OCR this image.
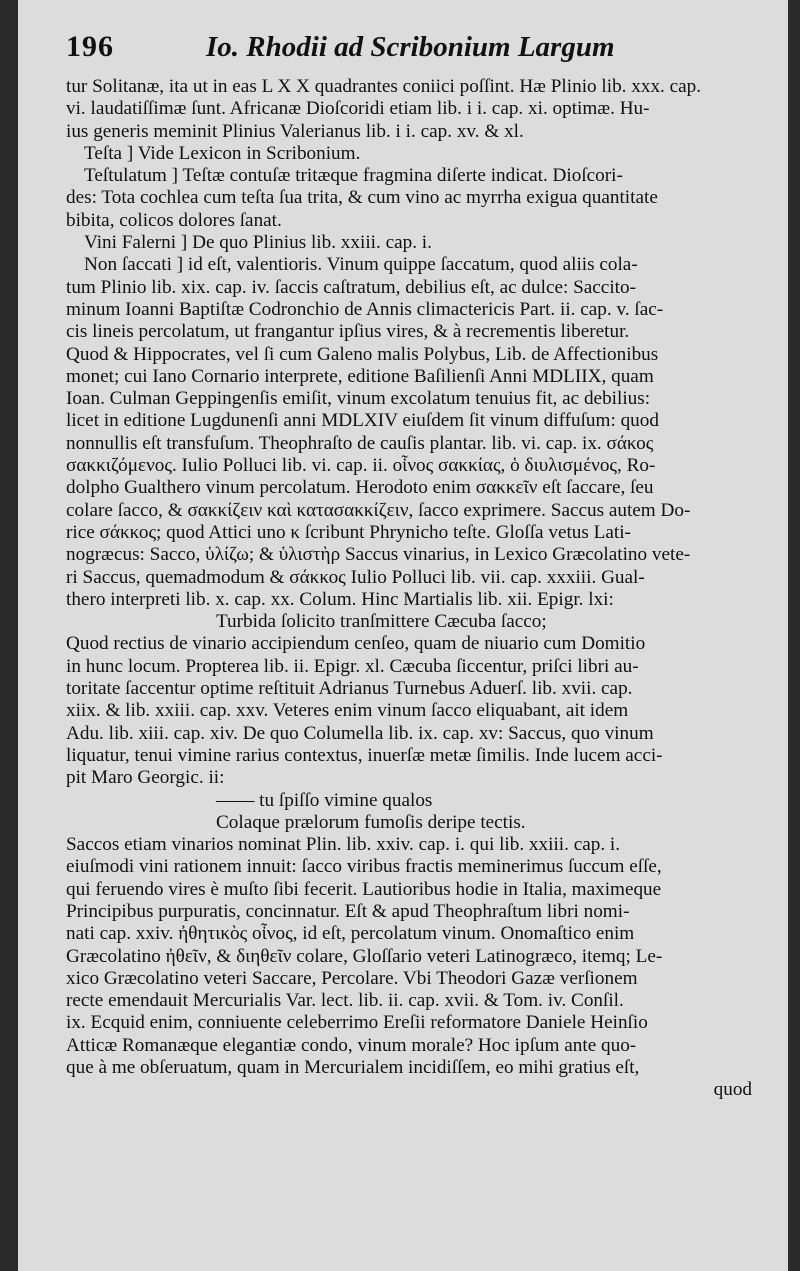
196	Io. Rhodii ad Scribonium Largum
tur Solitanæ, ita ut in eas L X X quadrantes coniici poſſint. Hæ Plinio lib. xxx. cap.
vi. laudatiſſimæ ſunt. Africanæ Dioſcoridi etiam lib. i i. cap. xi. optimæ. Hu-
ius generis meminit Plinius Valerianus lib. i i. cap. xv. & xl.
Teſta ] Vide Lexicon in Scribonium.
Teſtulatum ] Teſtæ contuſæ tritæque fragmina diſerte indicat. Dioſcori-
des: Tota cochlea cum teſta ſua trita, & cum vino ac myrrha exigua quantitate
bibita, colicos dolores ſanat.
Vini Falerni ] De quo Plinius lib. xxiii. cap. i.
Non ſaccati ] id eſt, valentioris. Vinum quippe ſaccatum, quod aliis cola-
tum Plinio lib. xix. cap. iv. ſaccis caſtratum, debilius eſt, ac dulce: Saccito-
minum Ioanni Baptiſtæ Codronchio de Annis climactericis Part. ii. cap. v. ſac-
cis lineis percolatum, ut frangantur ipſius vires, & à recrementis liberetur.
Quod & Hippocrates, vel ſi cum Galeno malis Polybus, Lib. de Affectionibus
monet; cui Iano Cornario interprete, editione Baſilienſi Anni MDLIIX, quam
Ioan. Culman Geppingenſis emiſit, vinum excolatum tenuius fit, ac debilius:
licet in editione Lugdunenſi anni MDLXIV eiuſdem ſit vinum diffuſum: quod
nonnullis eſt transfuſum. Theophraſto de cauſis plantar. lib. vi. cap. ix. σάκος
σακκιζόμενος. Iulio Polluci lib. vi. cap. ii. οἶνος σακκίας, ὁ διυλισμένος, Ro-
dolpho Gualthero vinum percolatum. Herodoto enim σακκεῖν eſt ſaccare, ſeu
colare ſacco, & σακκίζειν καὶ κατασακκίζειν, ſacco exprimere. Saccus autem Do-
rice σάκκος; quod Attici uno κ ſcribunt Phrynicho teſte. Gloſſa vetus Lati-
nogræcus: Sacco, ὑλίζω; & ὑλιστὴρ Saccus vinarius, in Lexico Græcolatino vete-
ri Saccus, quemadmodum & σάκκος Iulio Polluci lib. vii. cap. xxxiii. Gual-
thero interpreti lib. x. cap. xx. Colum. Hinc Martialis lib. xii. Epigr. lxi:
Turbida ſolicito tranſmittere Cæcuba ſacco;
Quod rectius de vinario accipiendum cenſeo, quam de niuario cum Domitio
in hunc locum. Propterea lib. ii. Epigr. xl. Cæcuba ſiccentur, priſci libri au-
toritate ſaccentur optime reſtituit Adrianus Turnebus Aduerſ. lib. xvii. cap.
xiix. & lib. xxiii. cap. xxv. Veteres enim vinum ſacco eliquabant, ait idem
Adu. lib. xiii. cap. xiv. De quo Columella lib. ix. cap. xv: Saccus, quo vinum
liquatur, tenui vimine rarius contextus, inuerſæ metæ ſimilis. Inde lucem acci-
pit Maro Georgic. ii:
—— tu ſpiſſo vimine qualos
Colaque prælorum fumoſis deripe tectis.
Saccos etiam vinarios nominat Plin. lib. xxiv. cap. i. qui lib. xxiii. cap. i.
eiuſmodi vini rationem innuit: ſacco viribus fractis meminerimus ſuccum eſſe,
qui feruendo vires è muſto ſibi fecerit. Lautioribus hodie in Italia, maximeque
Principibus purpuratis, concinnatur. Eſt & apud Theophraſtum libri nomi-
nati cap. xxiv. ἠθητικὸς οἶνος, id eſt, percolatum vinum. Onomaſtico enim
Græcolatino ἠθεῖν, & διηθεῖν colare, Gloſſario veteri Latinogræco, itemq; Le-
xico Græcolatino veteri Saccare, Percolare. Vbi Theodori Gazæ verſionem
recte emendauit Mercurialis Var. lect. lib. ii. cap. xvii. & Tom. iv. Conſil.
ix. Ecquid enim, conniuente celeberrimo Ereſii reformatore Daniele Heinſio
Atticæ Romanæque elegantiæ condo, vinum morale? Hoc ipſum ante quo-
que à me obſeruatum, quam in Mercurialem incidiſſem, eo mihi gratius eſt,
quod
